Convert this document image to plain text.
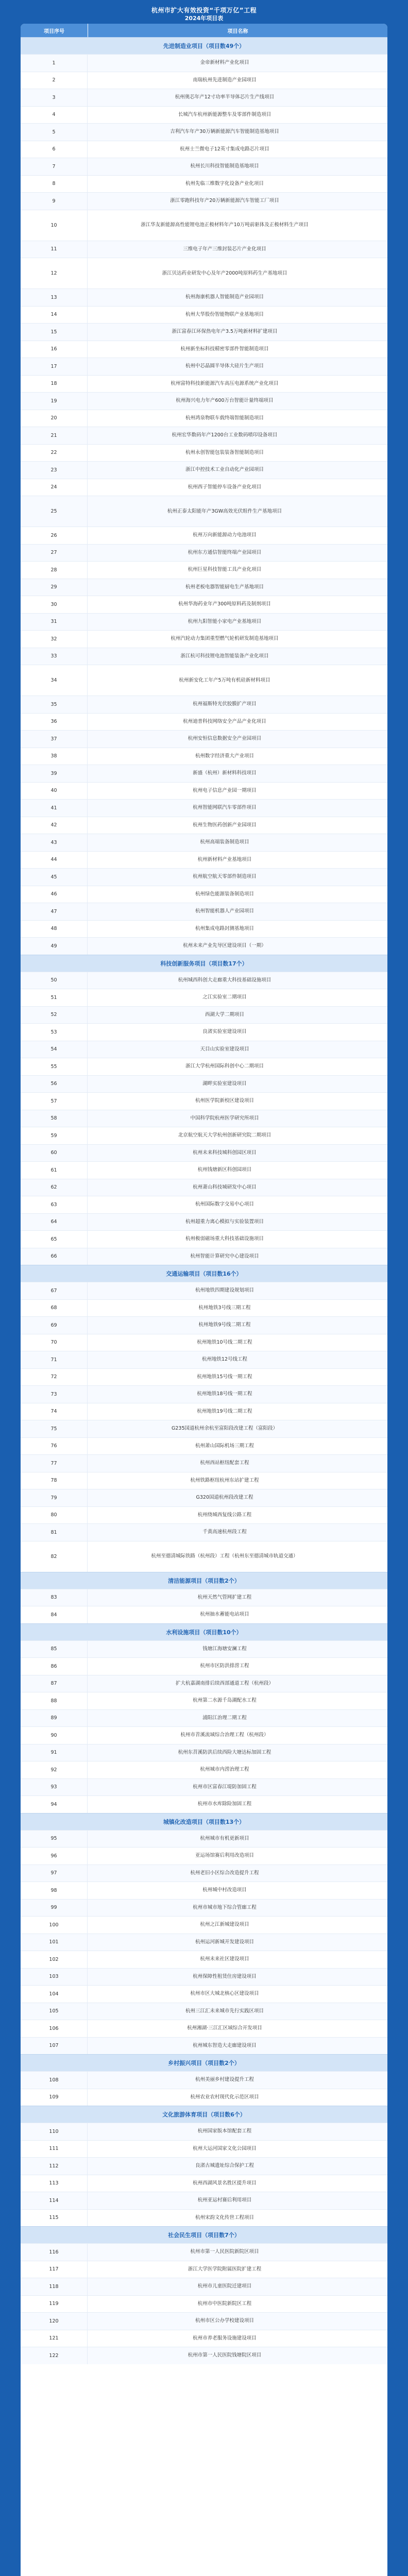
杭州市扩大有效投资“千项万亿”工程
2024年项目表
项目序号	项目名称
先进制造业项目（项目数49个）
1	金帝新材料产业化项目
2	南瑞杭州先进制造产业园项目
3	杭州奥芯年产12寸功率半导体芯片生产线项目
4	长城汽车杭州新能源整车及零部件制造项目
5	吉利汽车年产30万辆新能源汽车智能制造基地项目
6	杭州士兰微电子12英寸集成电路芯片项目
7	杭州长川科技智能制造基地项目
8	杭州先临三维数字化设备产业化项目
9	浙江零跑科技年产20万辆新能源汽车智能工厂项目
10	浙江华友新能源高性能锂电池正极材料年产10万吨前驱体及正极材料生产项目
11	三维电子年产三维封装芯片产业化项目
12	浙江贝达药业研发中心及年产2000吨原料药生产基地项目
13	杭州海康机器人智能制造产业园项目
14	杭州大华股份智能物联产业基地项目
15	浙江富春江环保热电年产3.5万吨新材料扩建项目
16	杭州新坐标科技精密零部件智能制造项目
17	杭州中芯晶圆半导体大硅片生产项目
18	杭州富特科技新能源汽车高压电源系统产业化项目
19	杭州海兴电力年产600万台智能计量终端项目
20	杭州鸿泉物联车载终端智能制造项目
21	杭州宏华数码年产1200台工业数码喷印设备项目
22	杭州永创智能包装装备智能制造项目
23	浙江中控技术工业自动化产业园项目
24	杭州西子智能停车设备产业化项目
25	杭州正泰太阳能年产3GW高效光伏组件生产基地项目
26	杭州万向新能源动力电池项目
27	杭州东方通信智能终端产业园项目
28	杭州巨星科技智能工具产业化项目
29	杭州老板电器智能厨电生产基地项目
30	杭州华海药业年产300吨原料药及制剂项目
31	杭州九阳智能小家电产业基地项目
32	杭州汽轮动力集团重型燃气轮机研发制造基地项目
33	浙江杭可科技锂电池智能装备产业化项目
34	杭州新安化工年产5万吨有机硅新材料项目
35	杭州福斯特光伏胶膜扩产项目
36	杭州迪普科技网络安全产品产业化项目
37	杭州安恒信息数据安全产业园项目
38	杭州数字经济重大产业项目
39	新盛（杭州）新材料科技项目
40	杭州电子信息产业园一期项目
41	杭州智能网联汽车零部件项目
42	杭州生物医药创新产业园项目
43	杭州高端装备制造项目
44	杭州新材料产业基地项目
45	杭州航空航天零部件制造项目
46	杭州绿色能源装备制造项目
47	杭州智能机器人产业园项目
48	杭州集成电路封测基地项目
49	杭州未来产业先导区建设项目（一期）
科技创新服务项目（项目数17个）
50	杭州城西科创大走廊重大科技基础设施项目
51	之江实验室二期项目
52	西湖大学二期项目
53	良渚实验室建设项目
54	天目山实验室建设项目
55	浙江大学杭州国际科创中心二期项目
56	湖畔实验室建设项目
57	杭州医学院新校区建设项目
58	中国科学院杭州医学研究所项目
59	北京航空航天大学杭州创新研究院二期项目
60	杭州未来科技城科创园区项目
61	杭州钱塘新区科创园项目
62	杭州萧山科技城研发中心项目
63	杭州国际数字交易中心项目
64	杭州超重力离心模拟与实验装置项目
65	杭州极弱磁场重大科技基础设施项目
66	杭州智能计算研究中心建设项目
交通运输项目（项目数16个）
67	杭州地铁四期建设规划项目
68	杭州地铁3号线三期工程
69	杭州地铁9号线二期工程
70	杭州地铁10号线二期工程
71	杭州地铁12号线工程
72	杭州地铁15号线一期工程
73	杭州地铁18号线一期工程
74	杭州地铁19号线二期工程
75	G235国道杭州余杭至富阳段改建工程（富阳段）
76	杭州萧山国际机场三期工程
77	杭州西站枢纽配套工程
78	杭州铁路枢纽杭州东站扩建工程
79	G320国道杭州段改建工程
80	杭州绕城西复线公路工程
81	千黄高速杭州段工程
82	杭州至德清城际铁路（杭州段）工程（杭州东至德清城市轨道交通）
清洁能源项目（项目数2个）
83	杭州天然气管网扩建工程
84	杭州抽水蓄能电站项目
水利设施项目（项目数10个）
85	钱塘江海塘安澜工程
86	杭州市区防洪排涝工程
87	扩大杭嘉湖南排后续西部通道工程（杭州段）
88	杭州第二水源千岛湖配水工程
89	浦阳江治理二期工程
90	杭州市苕溪流域综合治理工程（杭州段）
91	杭州东苕溪防洪后续西险大塘达标加固工程
92	杭州城市内涝治理工程
93	杭州市区富春江堤防加固工程
94	杭州市水库除险加固工程
城镇化改造项目（项目数13个）
95	杭州城市有机更新项目
96	亚运场馆赛后利用改造项目
97	杭州老旧小区综合改造提升工程
98	杭州城中村改造项目
99	杭州市城市地下综合管廊工程
100	杭州之江新城建设项目
101	杭州运河新城开发建设项目
102	杭州未来社区建设项目
103	杭州保障性租赁住房建设项目
104	杭州市区大城北核心区建设项目
105	杭州三江汇未来城市先行实践区项目
106	杭州湘湖·三江汇区域综合开发项目
107	杭州城东智造大走廊建设项目
乡村振兴项目（项目数2个）
108	杭州美丽乡村建设提升工程
109	杭州农业农村现代化示范区项目
文化旅游体育项目（项目数6个）
110	杭州国家版本馆配套工程
111	杭州大运河国家文化公园项目
112	良渚古城遗址综合保护工程
113	杭州西湖风景名胜区提升项目
114	杭州亚运村赛后利用项目
115	杭州宋韵文化传世工程项目
社会民生项目（项目数7个）
116	杭州市第一人民医院新院区项目
117	浙江大学医学院附属医院扩建工程
118	杭州市儿童医院迁建项目
119	杭州市中医院新院区工程
120	杭州市区公办学校建设项目
121	杭州市养老服务设施建设项目
122	杭州市第一人民医院钱塘院区项目
